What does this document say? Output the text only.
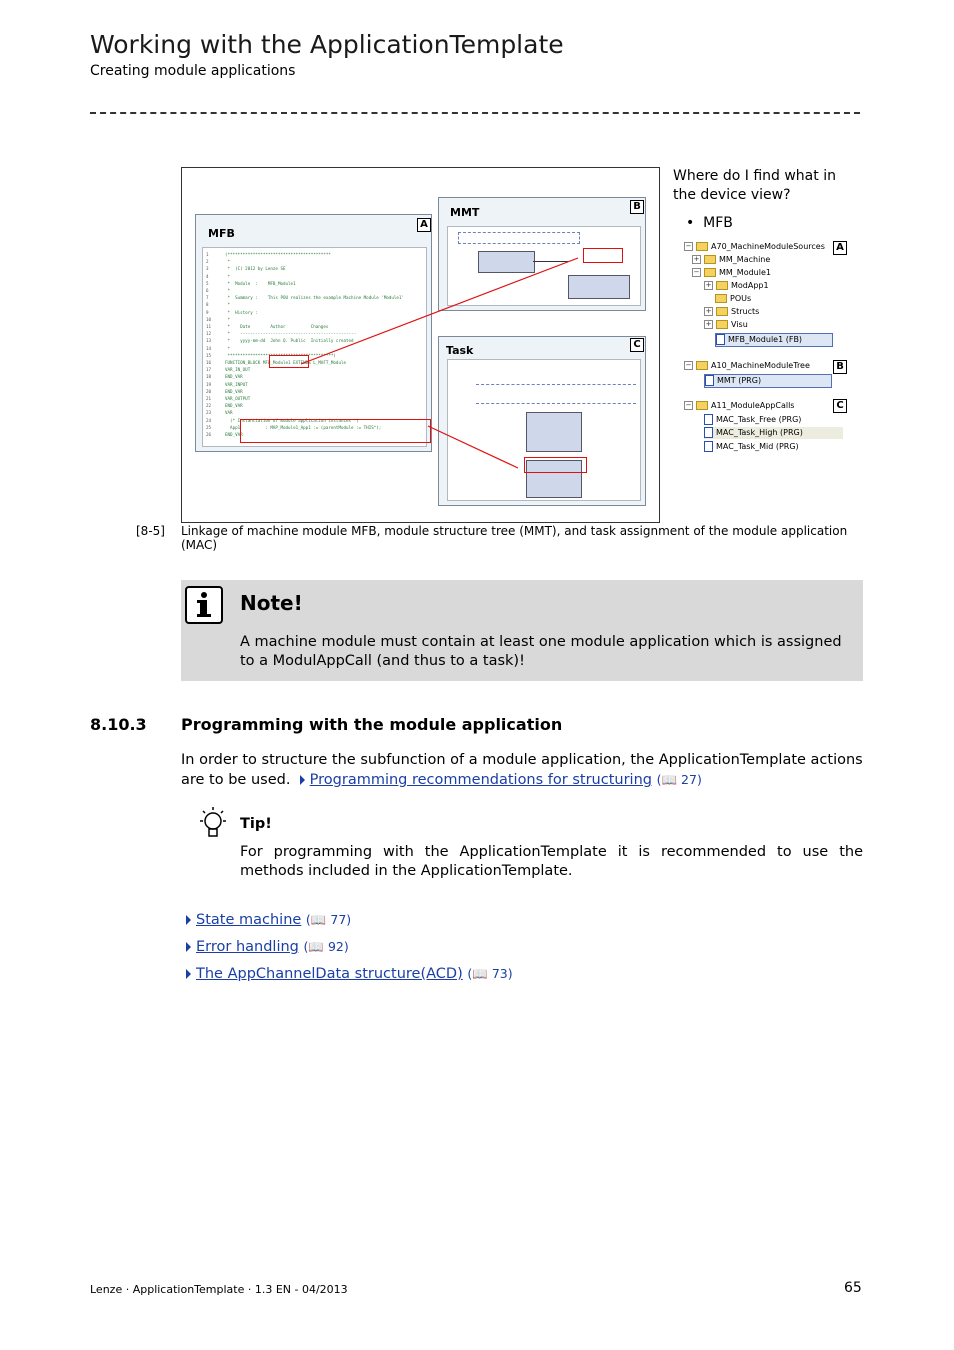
Working with the ApplicationTemplate
Creating module applications
MFB
A
1
2
3
4
5
6
7
8
9
10
11
12
13
14
15
16
17
18
19
20
21
22
23
24
25
26
(*****************************************
*
*  (C) 2012 by Lenze SE
*
*  Module  :    MFB_Module1
*
*  Summary :    This POU realizes the example Machine Module 'Module1'
*
*  History :
*
*    Date        Author          Changes
*    ----------------------------------------------
*    yyyy-mm-dd  John Q. Public  Initially created
*
******************************************)
FUNCTION_BLOCK MFB_Module1 EXTENDS L_MAFT_Module
VAR_IN_OUT
END_VAR
VAR_INPUT
END_VAR
VAR_OUTPUT
END_VAR
VAR
(* Instantiation of module application instances *)
App1          : MAP_Module1_App1 := (parentModule := THIS^);
END_VAR
MMT	B
Task	C
Where do I find what in the device view?
•  MFB
− A70_MachineModuleSources
+ MM_Machine
− MM_Module1
+ ModApp1
POUs
+ Structs
+ Visu
MFB_Module1 (FB)
A
− A10_MachineModuleTree
MMT (PRG)
B
− A11_ModuleAppCalls
MAC_Task_Free (PRG)
MAC_Task_High (PRG)
MAC_Task_Mid (PRG)
C
[8-5] Linkage of machine module MFB, module structure tree (MMT), and task assignment of the module application (MAC)
Note!
A machine module must contain at least one module application which is assigned to a ModulAppCall (and thus to a task)!
8.10.3 Programming with the module application
In order to structure the subfunction of a module application, the ApplicationTemplate actions are to be used. Programming recommendations for structuring (📖 27)
Tip!
For programming with the ApplicationTemplate it is recommended to use the methods included in the ApplicationTemplate.
State machine (📖 77)
Error handling (📖 92)
The AppChannelData structure(ACD) (📖 73)
Lenze · ApplicationTemplate · 1.3 EN - 04/2013	65
